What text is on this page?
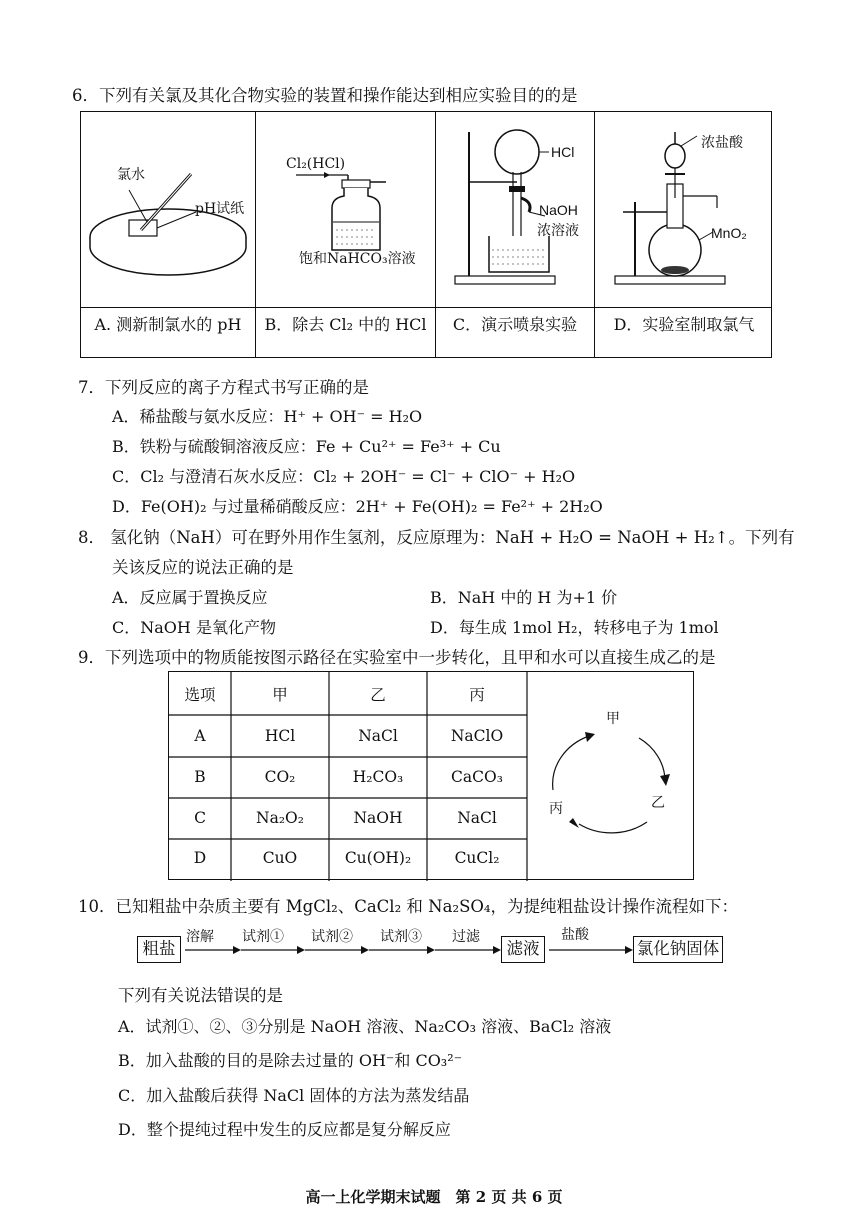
6．下列有关氯及其化合物实验的装置和操作能达到相应实验目的的是
氯水
pH试纸
Cl₂(HCl)
饱和NaHCO₃溶液
HCl
NaOH
浓溶液
浓盐酸
MnO₂
A. 测新制氯水的 pH	B．除去 Cl₂ 中的 HCl	C．演示喷泉实验	D．实验室制取氯气
7．下列反应的离子方程式书写正确的是
A．稀盐酸与氨水反应：H⁺ + OH⁻ = H₂O
B．铁粉与硫酸铜溶液反应：Fe + Cu²⁺ = Fe³⁺ + Cu
C．Cl₂ 与澄清石灰水反应：Cl₂ + 2OH⁻ = Cl⁻ + ClO⁻ + H₂O
D．Fe(OH)₂ 与过量稀硝酸反应：2H⁺ + Fe(OH)₂ = Fe²⁺ + 2H₂O
8． 氢化钠（NaH）可在野外用作生氢剂，反应原理为：NaH + H₂O = NaOH + H₂↑。下列有
关该反应的说法正确的是
A．反应属于置换反应	B．NaH 中的 H 为+1 价
C．NaOH 是氧化产物	D．每生成 1mol H₂，转移电子为 1mol
9．下列选项中的物质能按图示路径在实验室中一步转化，且甲和水可以直接生成乙的是
选项	甲	乙	丙
A	HCl	NaCl	NaClO
B	CO₂	H₂CO₃	CaCO₃
C	Na₂O₂	NaOH	NaCl
D	CuO	Cu(OH)₂	CuCl₂
甲
乙
丙
10．已知粗盐中杂质主要有 MgCl₂、CaCl₂ 和 Na₂SO₄，为提纯粗盐设计操作流程如下：
粗盐
溶解 试剂① 试剂② 试剂③ 过滤
滤液
盐酸
氯化钠固体
下列有关说法错误的是
A．试剂①、②、③分别是 NaOH 溶液、Na₂CO₃ 溶液、BaCl₂ 溶液
B．加入盐酸的目的是除去过量的 OH⁻和 CO₃²⁻
C．加入盐酸后获得 NaCl 固体的方法为蒸发结晶
D．整个提纯过程中发生的反应都是复分解反应
高一上化学期末试题　第 2 页 共 6 页
